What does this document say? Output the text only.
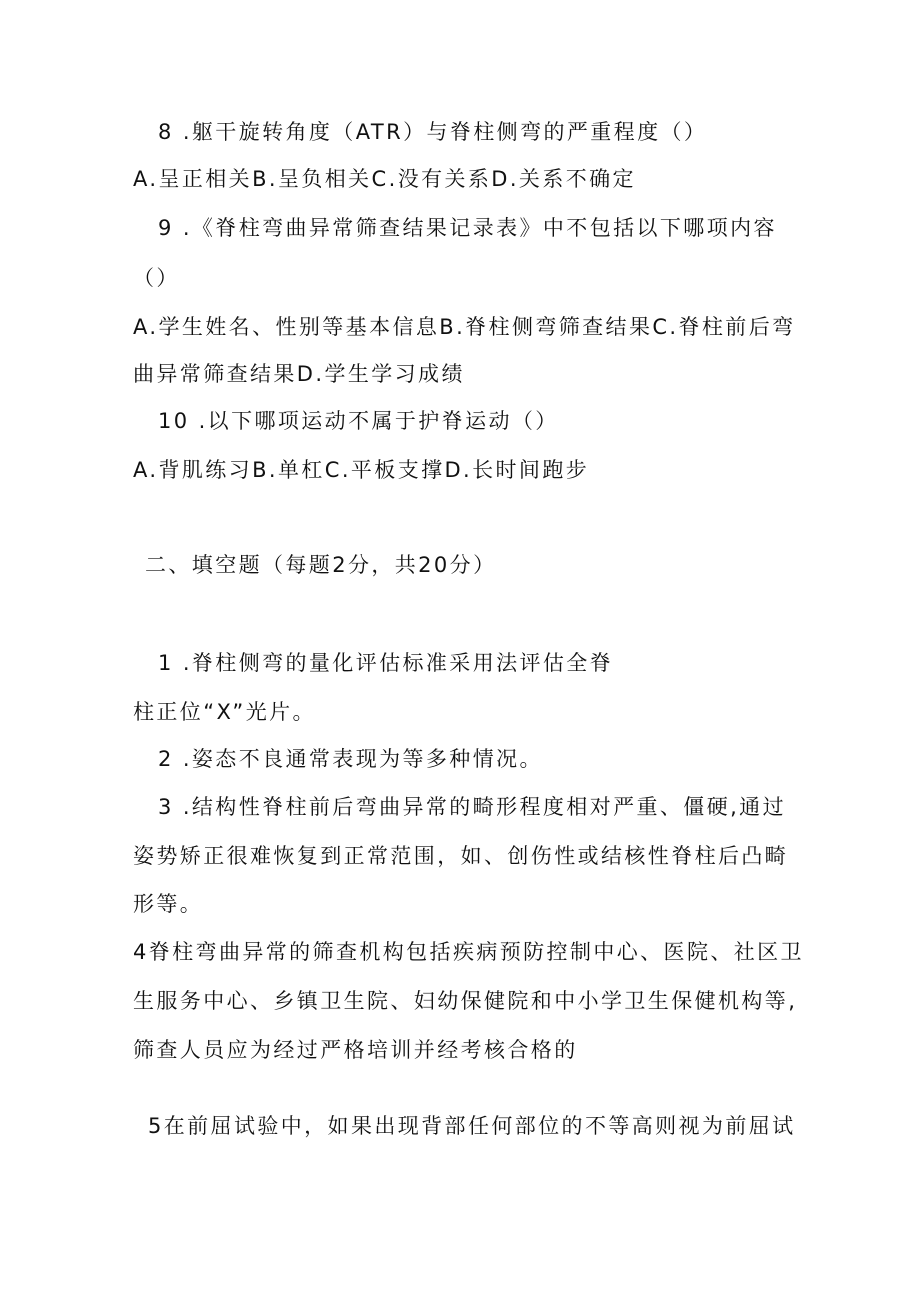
8 .躯干旋转角度（ATR）与脊柱侧弯的严重程度（）
A.呈正相关B.呈负相关C.没有关系D.关系不确定
9 .《脊柱弯曲异常筛查结果记录表》中不包括以下哪项内容
（）
A.学生姓名、性别等基本信息B.脊柱侧弯筛查结果C.脊柱前后弯
曲异常筛查结果D.学生学习成绩
10 .以下哪项运动不属于护脊运动（）
A.背肌练习B.单杠C.平板支撑D.长时间跑步
二、填空题（每题2分，共20分）
1 .脊柱侧弯的量化评估标准采用法评估全脊
柱正位“X”光片。
2 .姿态不良通常表现为等多种情况。
3 .结构性脊柱前后弯曲异常的畸形程度相对严重、僵硬,通过
姿势矫正很难恢复到正常范围，如、创伤性或结核性脊柱后凸畸
形等。
4脊柱弯曲异常的筛查机构包括疾病预防控制中心、医院、社区卫
生服务中心、乡镇卫生院、妇幼保健院和中小学卫生保健机构等,
筛查人员应为经过严格培训并经考核合格的
5在前屈试验中，如果出现背部任何部位的不等高则视为前屈试
